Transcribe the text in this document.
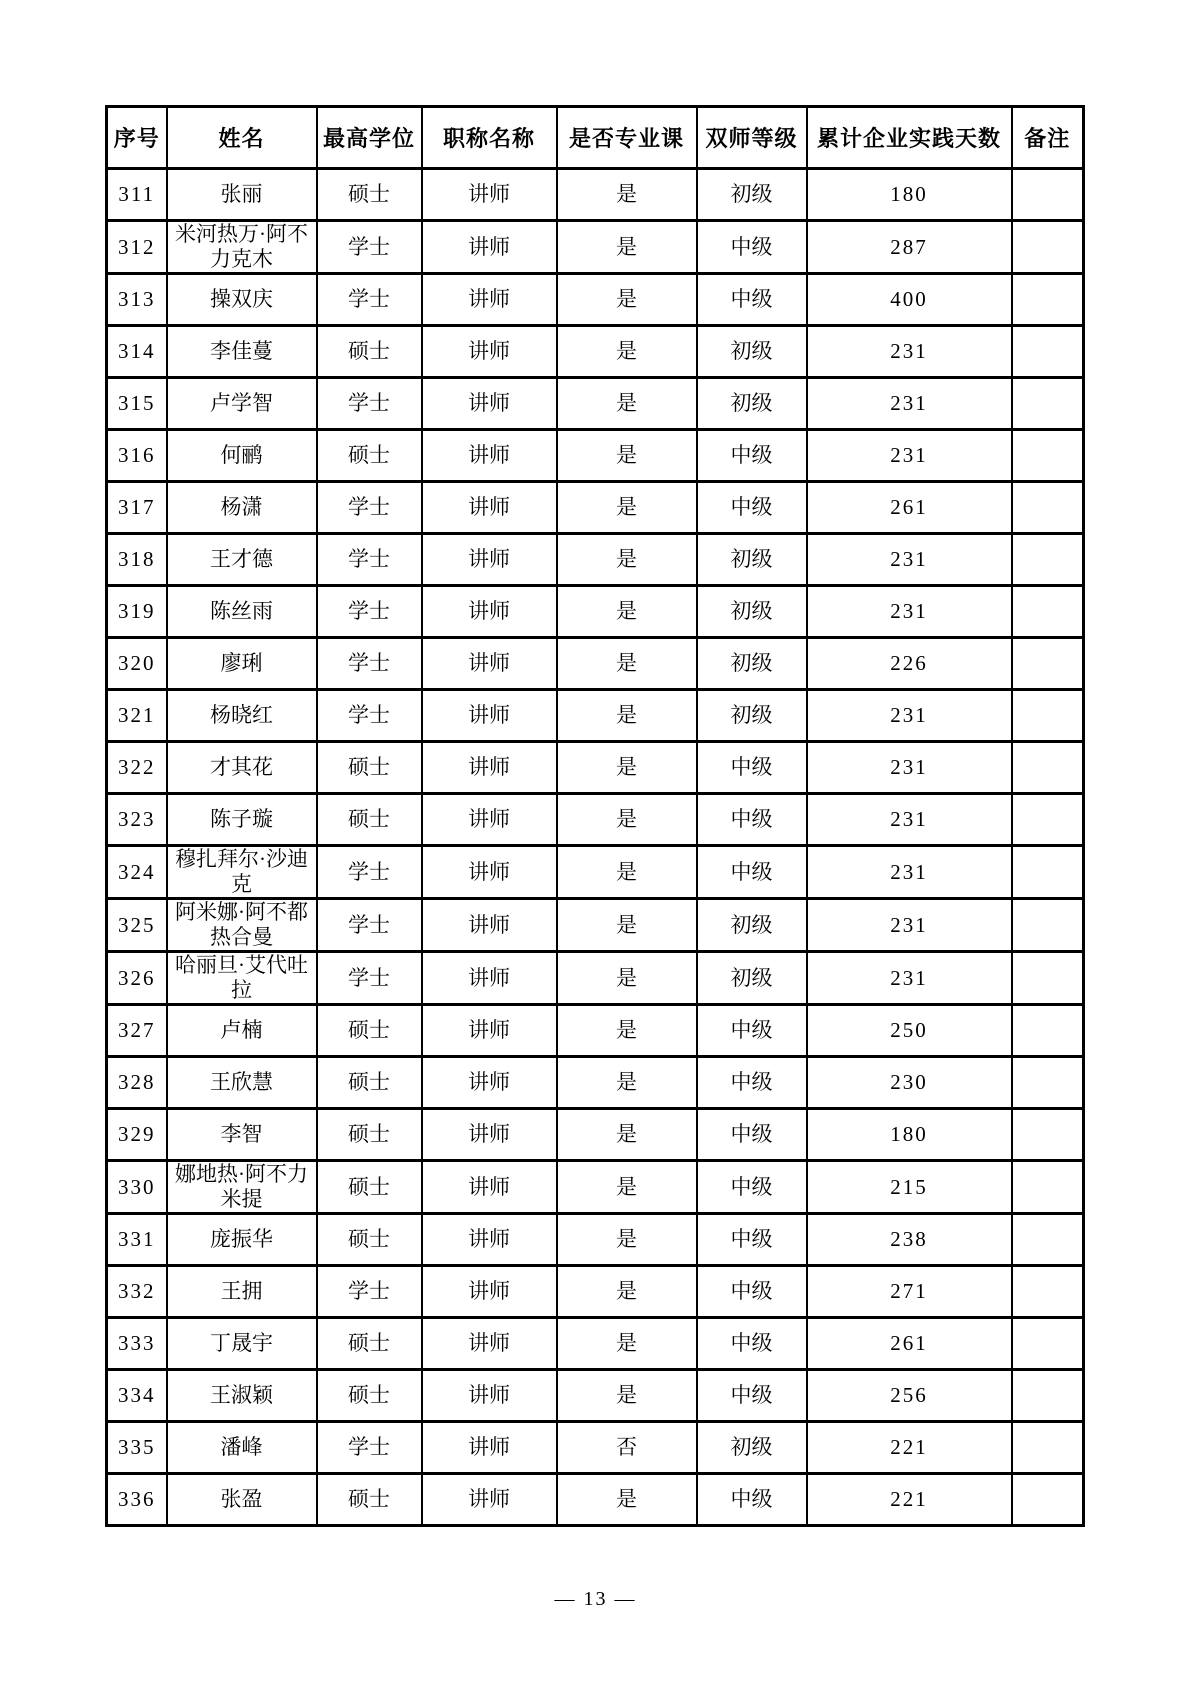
序号	姓名	最高学位	职称名称	是否专业课	双师等级	累计企业实践天数	备注
311	张丽	硕士	讲师	是	初级	180	
312	米河热万·阿不力克木	学士	讲师	是	中级	287	
313	操双庆	学士	讲师	是	中级	400	
314	李佳蔓	硕士	讲师	是	初级	231	
315	卢学智	学士	讲师	是	初级	231	
316	何鹂	硕士	讲师	是	中级	231	
317	杨潇	学士	讲师	是	中级	261	
318	王才德	学士	讲师	是	初级	231	
319	陈丝雨	学士	讲师	是	初级	231	
320	廖琍	学士	讲师	是	初级	226	
321	杨晓红	学士	讲师	是	初级	231	
322	才其花	硕士	讲师	是	中级	231	
323	陈子璇	硕士	讲师	是	中级	231	
324	穆扎拜尔·沙迪克	学士	讲师	是	中级	231	
325	阿米娜·阿不都热合曼	学士	讲师	是	初级	231	
326	哈丽旦·艾代吐拉	学士	讲师	是	初级	231	
327	卢楠	硕士	讲师	是	中级	250	
328	王欣慧	硕士	讲师	是	中级	230	
329	李智	硕士	讲师	是	中级	180	
330	娜地热·阿不力米提	硕士	讲师	是	中级	215	
331	庞振华	硕士	讲师	是	中级	238	
332	王拥	学士	讲师	是	中级	271	
333	丁晟宇	硕士	讲师	是	中级	261	
334	王淑颖	硕士	讲师	是	中级	256	
335	潘峰	学士	讲师	否	初级	221	
336	张盈	硕士	讲师	是	中级	221	
— 13 —
